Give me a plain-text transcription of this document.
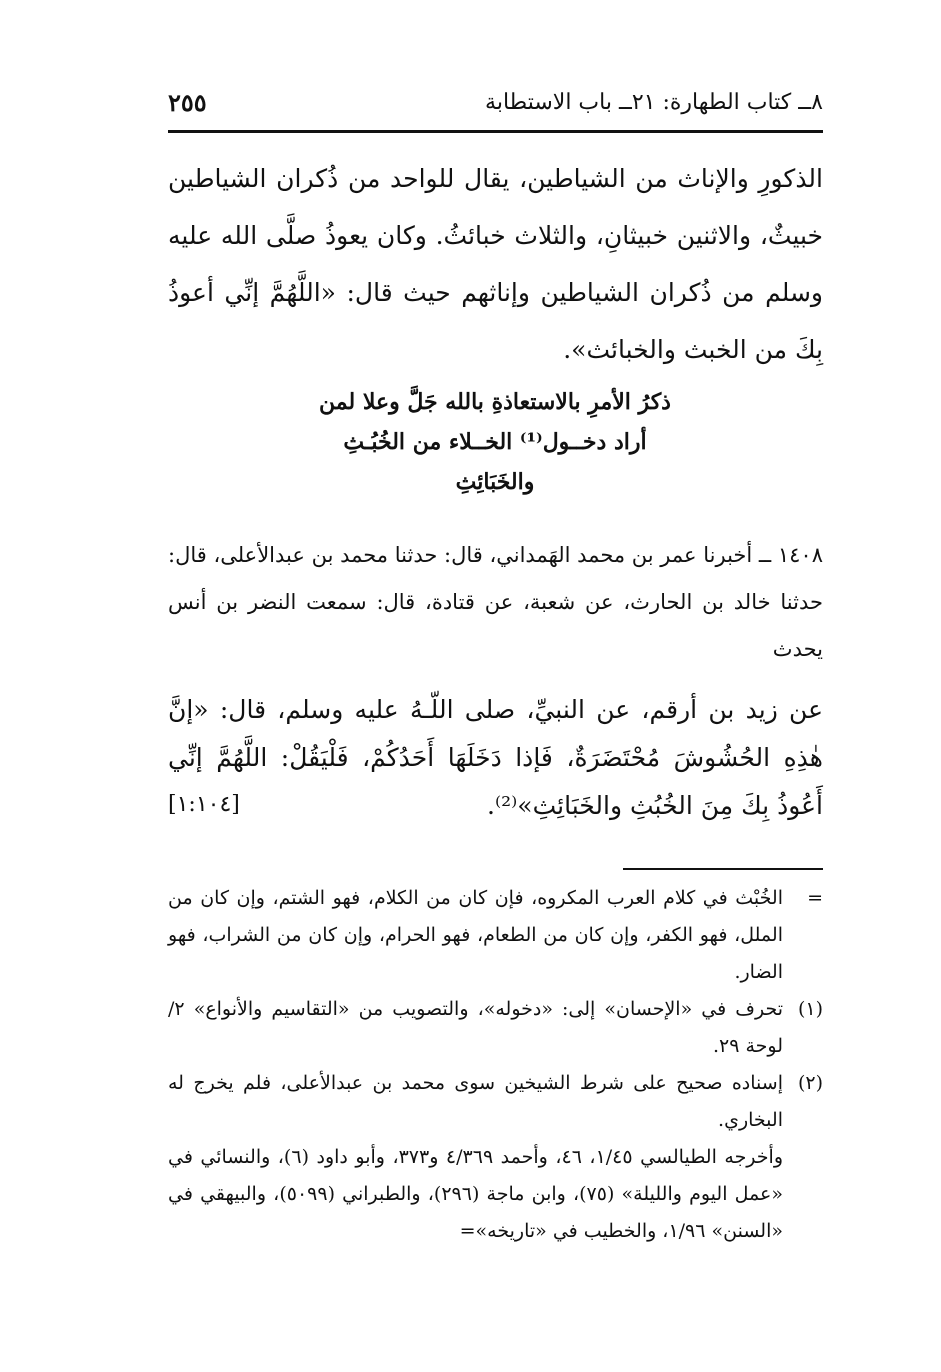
٨ــ كتاب الطهارة: ٢١ــ باب الاستطابة
٢٥٥

الذكورِ والإناث من الشياطين، يقال للواحد من ذُكران الشياطين خبيثٌ، والاثنين خبيثانِ، والثلاث خبائثُ. وكان يعوذُ صلَّى الله عليه وسلم من ذُكران الشياطين وإناثهم حيث قال: «اللَّهُمَّ إنِّي أعوذُ بِكَ من الخبث والخبائث».

ذكرُ الأمرِ بالاستعاذةِ بالله جَلَّ وعلا لمن
أراد دخــول⁽¹⁾ الخــلاء من الخُبُـثِ
والخَبَائِثِ

١٤٠٨ ــ أخبرنا عمر بن محمد الهَمداني، قال: حدثنا محمد بن عبدالأعلى، قال: حدثنا خالد بن الحارث، عن شعبة، عن قتادة، قال: سمعت النضر بن أنس يحدث

عن زيد بن أرقم، عن النبيِّ، صلى اللّـهُ عليه وسلم، قال: «إنَّ هٰذِهِ الحُشُوشَ مُحْتَضَرَةٌ، فَإذا دَخَلَهَا أَحَدُكُمْ، فَلْيَقُلْ: اللَّهُمَّ إنِّي أَعُوذُ بِكَ مِنَ الخُبُثِ والخَبَائِثِ»⁽²⁾.

[١:١٠٤]
=
الخُبْث في كلام العرب المكروه، فإن كان من الكلام، فهو الشتم، وإن كان من الملل، فهو الكفر، وإن كان من الطعام، فهو الحرام، وإن كان من الشراب، فهو الضار.
(١)
تحرف في «الإحسان» إلى: «دخوله»، والتصويب من «التقاسيم والأنواع» ٢/ لوحة ٢٩.
(٢)
إسناده صحيح على شرط الشيخين سوى محمد بن عبدالأعلى، فلم يخرج له البخاري.

وأخرجه الطيالسي ١/٤٥، ٤٦، وأحمد ٤/٣٦٩ و٣٧٣، وأبو داود (٦)، والنسائي في «عمل اليوم والليلة» (٧٥)، وابن ماجة (٢٩٦)، والطبراني (٥٠٩٩)، والبيهقي في «السنن» ١/٩٦، والخطيب في «تاريخه»=
